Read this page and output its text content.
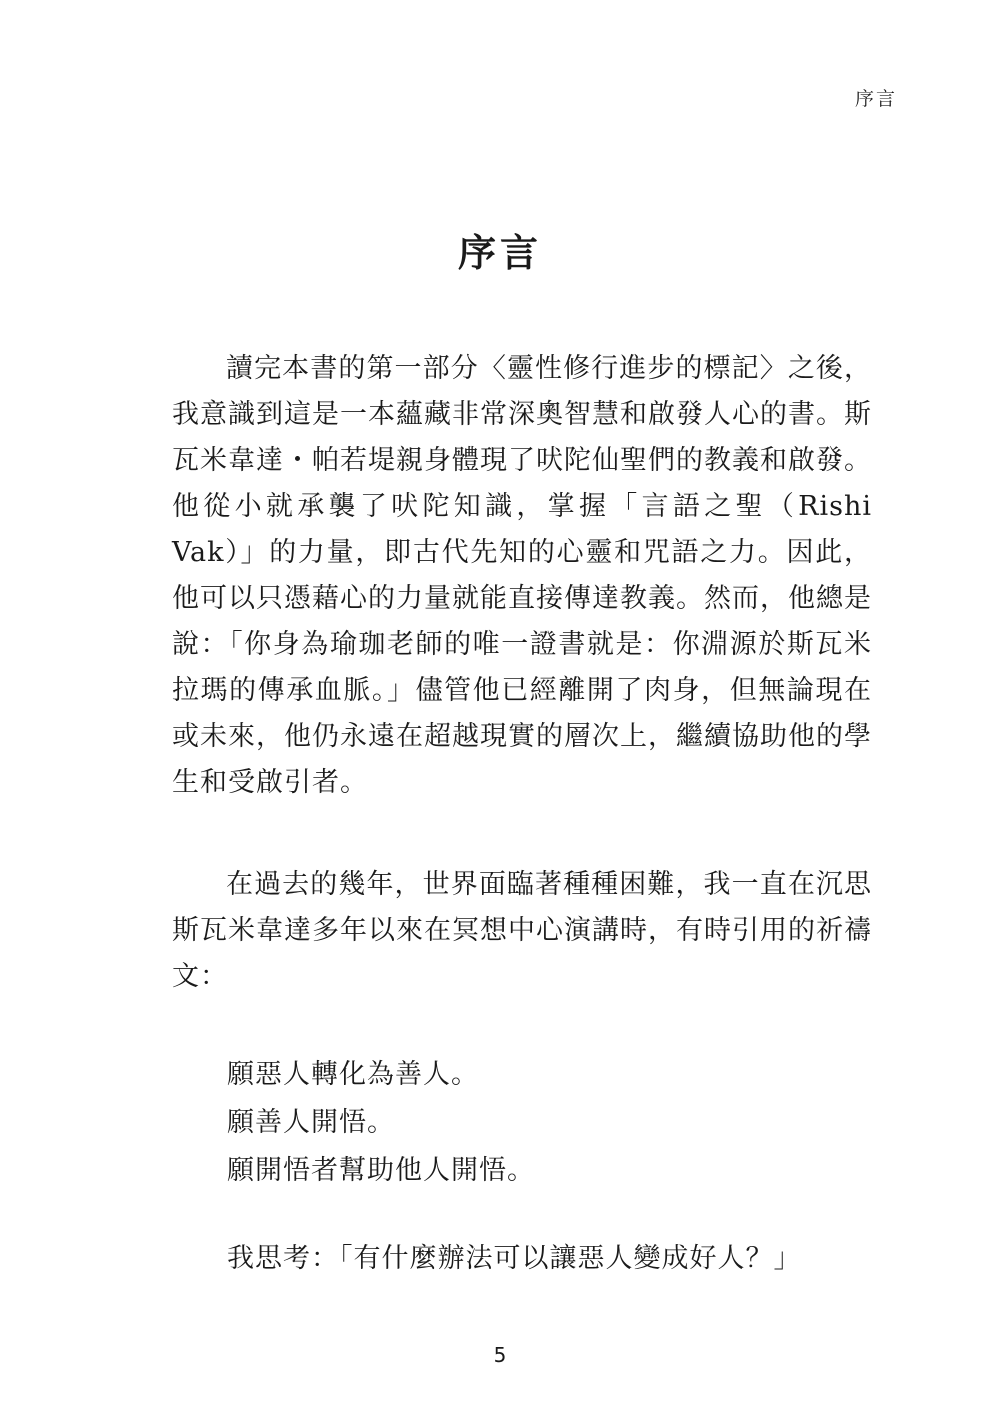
序言
序言

讀完本書的第一部分〈靈性修行進步的標記〉之後，我意識到這是一本蘊藏非常深奧智慧和啟發人心的書。斯瓦米韋達・帕若堤親身體現了吠陀仙聖們的教義和啟發。他從小就承襲了吠陀知識，掌握「言語之聖（Rishi Vak）」的力量，即古代先知的心靈和咒語之力。因此，他可以只憑藉心的力量就能直接傳達教義。然而，他總是說：「你身為瑜珈老師的唯一證書就是：你淵源於斯瓦米拉瑪的傳承血脈。」儘管他已經離開了肉身，但無論現在或未來，他仍永遠在超越現實的層次上，繼續協助他的學生和受啟引者。

在過去的幾年，世界面臨著種種困難，我一直在沉思斯瓦米韋達多年以來在冥想中心演講時，有時引用的祈禱文：

願惡人轉化為善人。
願善人開悟。
願開悟者幫助他人開悟。
我思考：「有什麼辦法可以讓惡人變成好人？」
5
